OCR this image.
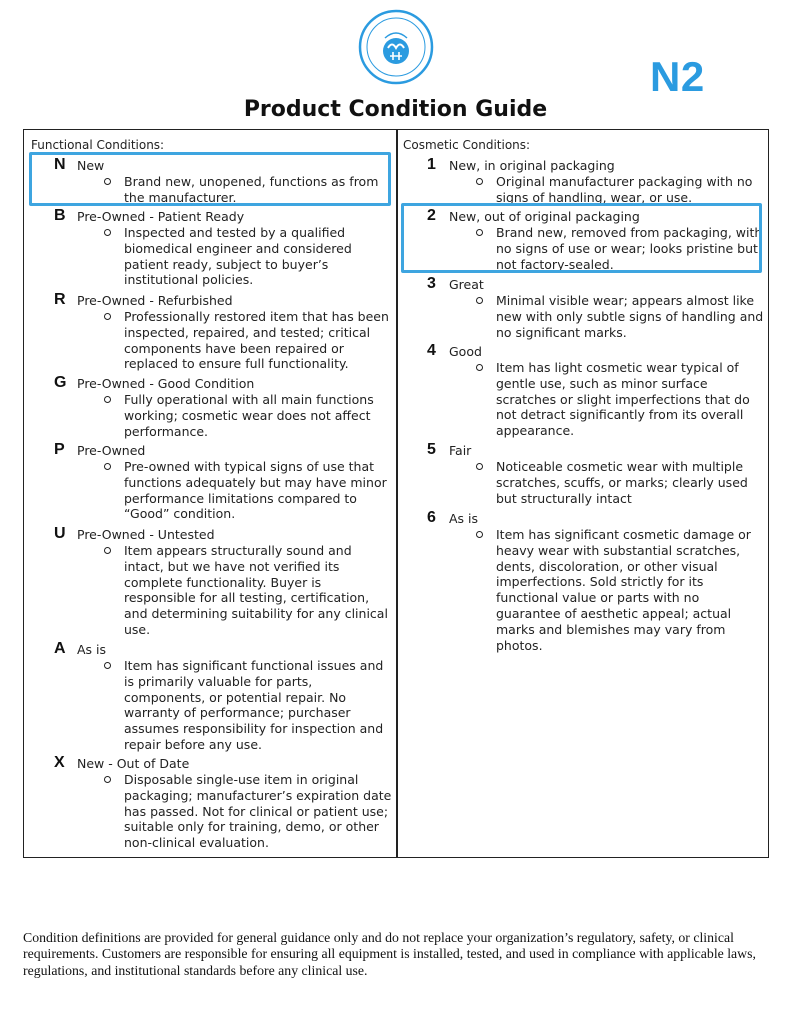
N2
Product Condition Guide
Functional Conditions:	Cosmetic Conditions:
N New
Brand new, unopened, functions as from the manufacturer.
B Pre-Owned - Patient Ready
Inspected and tested by a qualified biomedical engineer and considered patient ready, subject to buyer’s institutional policies.
R Pre-Owned - Refurbished
Professionally restored item that has been inspected, repaired, and tested; critical components have been repaired or replaced to ensure full functionality.
G Pre-Owned - Good Condition
Fully operational with all main functions working; cosmetic wear does not affect performance.
P Pre-Owned
Pre-owned with typical signs of use that functions adequately but may have minor performance limitations compared to “Good” condition.
U Pre-Owned - Untested
Item appears structurally sound and intact, but we have not verified its complete functionality. Buyer is responsible for all testing, certification, and determining suitability for any clinical use.
A As is
Item has significant functional issues and is primarily valuable for parts, components, or potential repair. No warranty of performance; purchaser assumes responsibility for inspection and repair before any use.
X New - Out of Date
Disposable single-use item in original packaging; manufacturer’s expiration date has passed. Not for clinical or patient use; suitable only for training, demo, or other non-clinical evaluation.
1 New, in original packaging
Original manufacturer packaging with no signs of handling, wear, or use.
2 New, out of original packaging
Brand new, removed from packaging, with no signs of use or wear; looks pristine but not factory-sealed.
3 Great
Minimal visible wear; appears almost like new with only subtle signs of handling and no significant marks.
4 Good
Item has light cosmetic wear typical of gentle use, such as minor surface scratches or slight imperfections that do not detract significantly from its overall appearance.
5 Fair
Noticeable cosmetic wear with multiple scratches, scuffs, or marks; clearly used but structurally intact
6 As is
Item has significant cosmetic damage or heavy wear with substantial scratches, dents, discoloration, or other visual imperfections. Sold strictly for its functional value or parts with no guarantee of aesthetic appeal; actual marks and blemishes may vary from photos.

Condition definitions are provided for general guidance only and do not replace your organization’s regulatory, safety, or clinical requirements. Customers are responsible for ensuring all equipment is installed, tested, and used in compliance with applicable laws, regulations, and institutional standards before any clinical use.
